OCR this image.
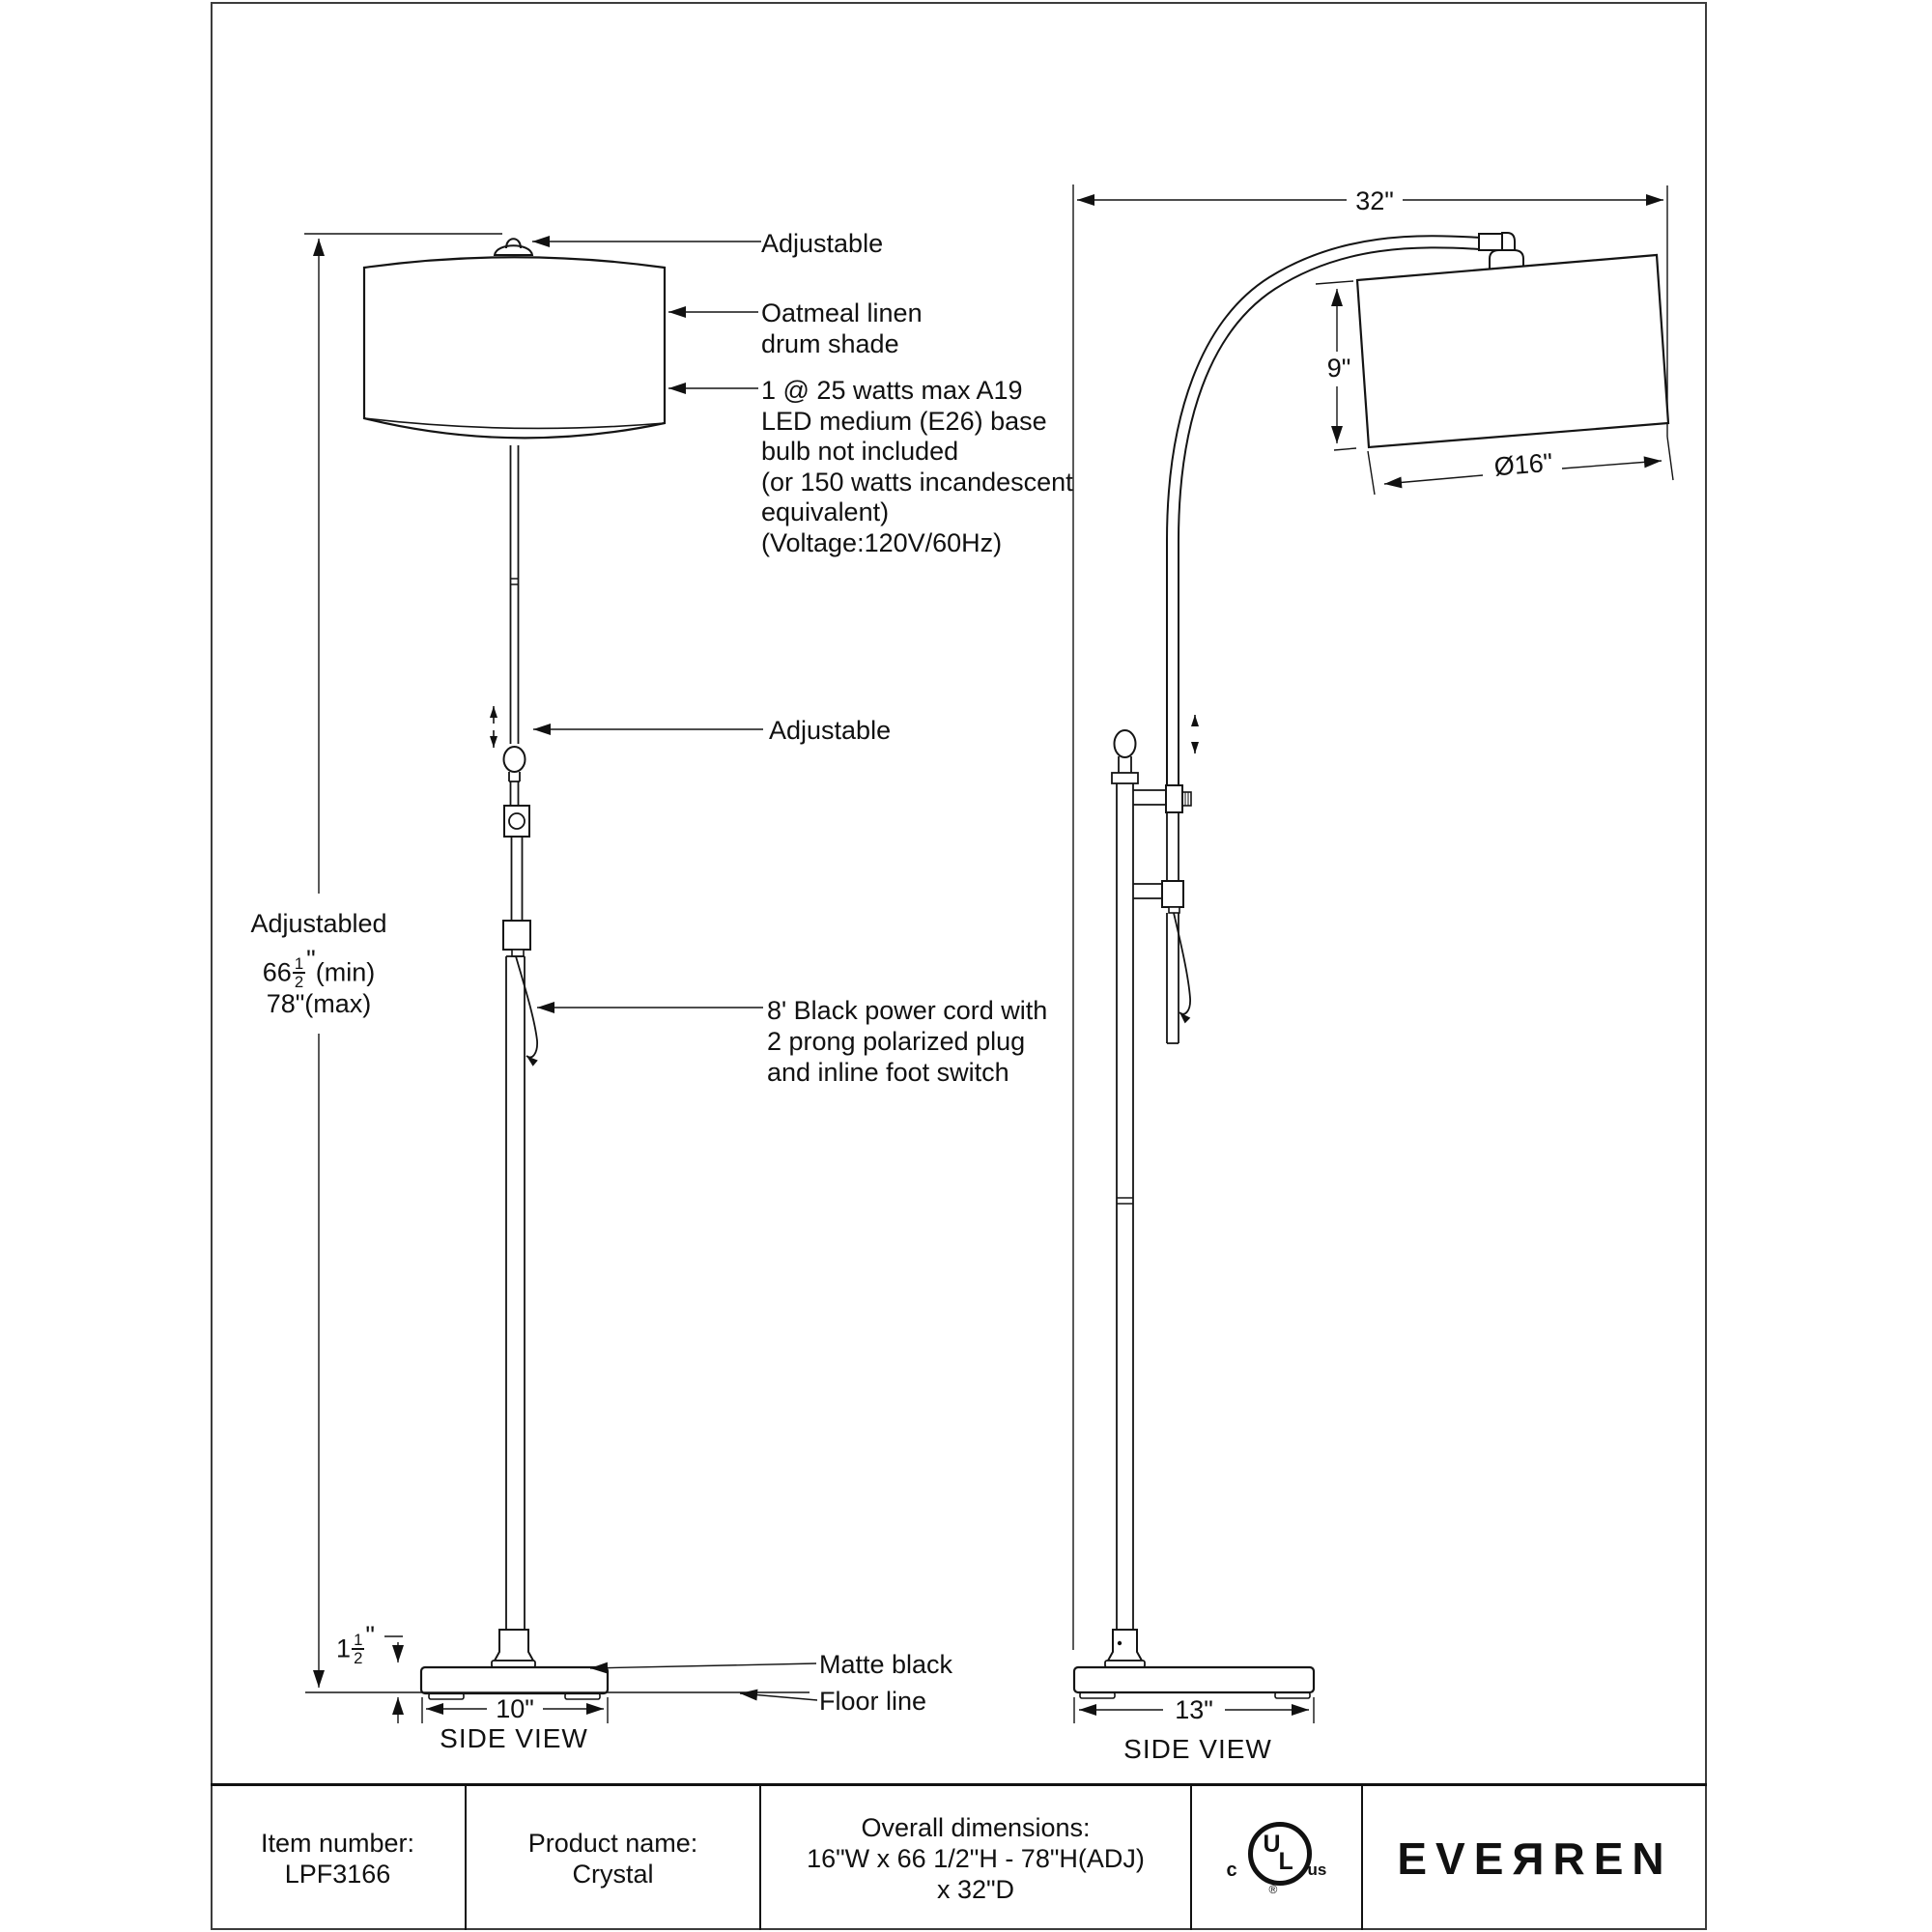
Adjustable
Oatmeal linen
drum shade
1 @ 25 watts max A19
LED medium (E26) base
bulb not included
(or 150 watts incandescent
equivalent)
(Voltage:120V/60Hz)
Adjustable
8' Black power cord with
2 prong polarized plug
and inline foot switch
Matte black
Floor line
Adjustabled
$66 \frac{1}{2}$ "(min)
78"(max)
$1 \frac{1}{2}$ "
10"
SIDE VIEW
32"
9"
Ø16"
13"
SIDE VIEW
Item number:
LPF3166
Product name:
Crystal
Overall dimensions:
16"W x 66 1/2"H - 78"H(ADJ)
x 32"D
c
U
L us
®
EVEЯREN
